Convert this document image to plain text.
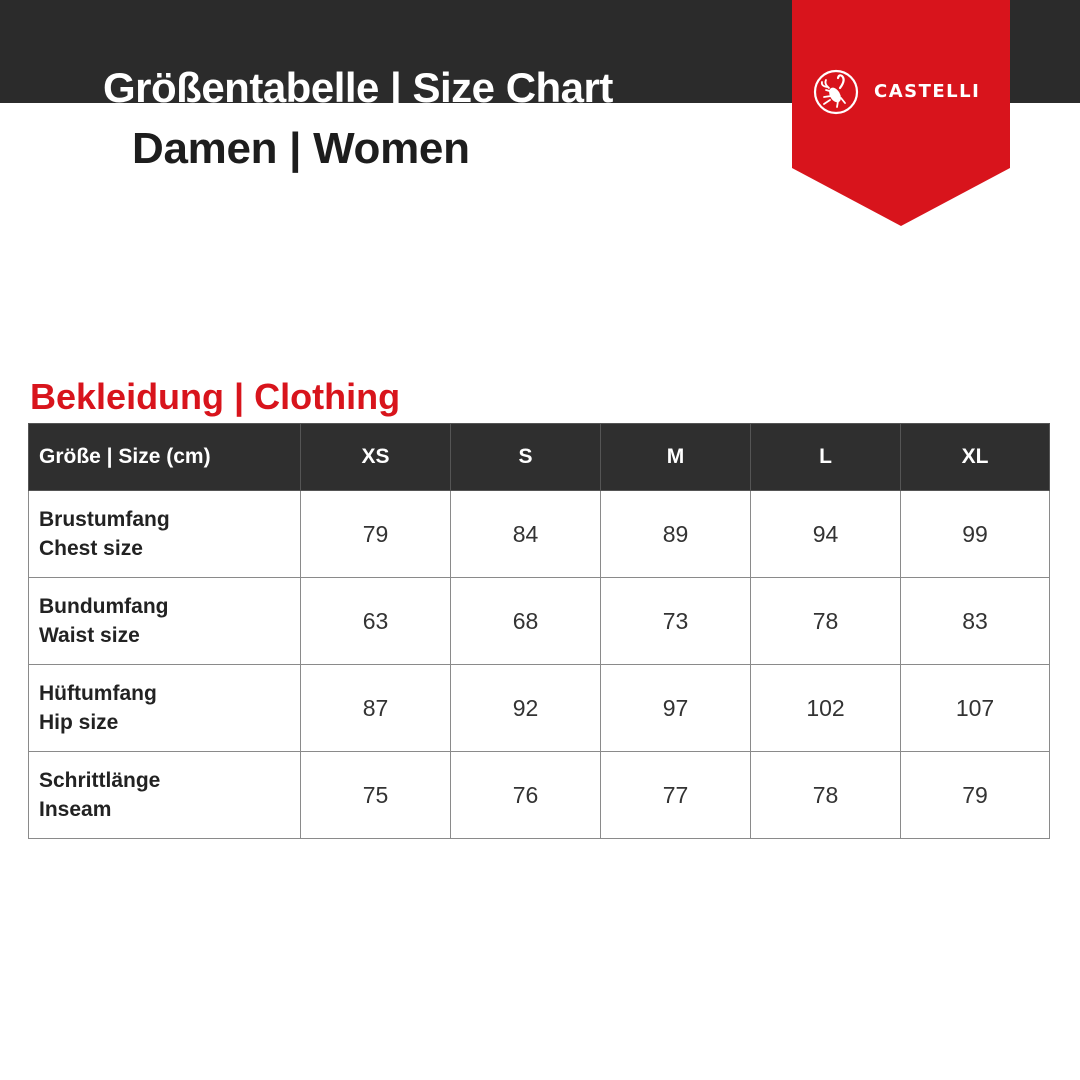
Größentabelle | Size Chart
Damen | Women
CASTELLI
Bekleidung | Clothing
Größe | Size (cm)	XS	S	M	L	XL

Brustumfang
Chest size	79	84	89	94	99

Bundumfang
Waist size	63	68	73	78	83

Hüftumfang
Hip size	87	92	97	102	107

Schrittlänge
Inseam	75	76	77	78	79
